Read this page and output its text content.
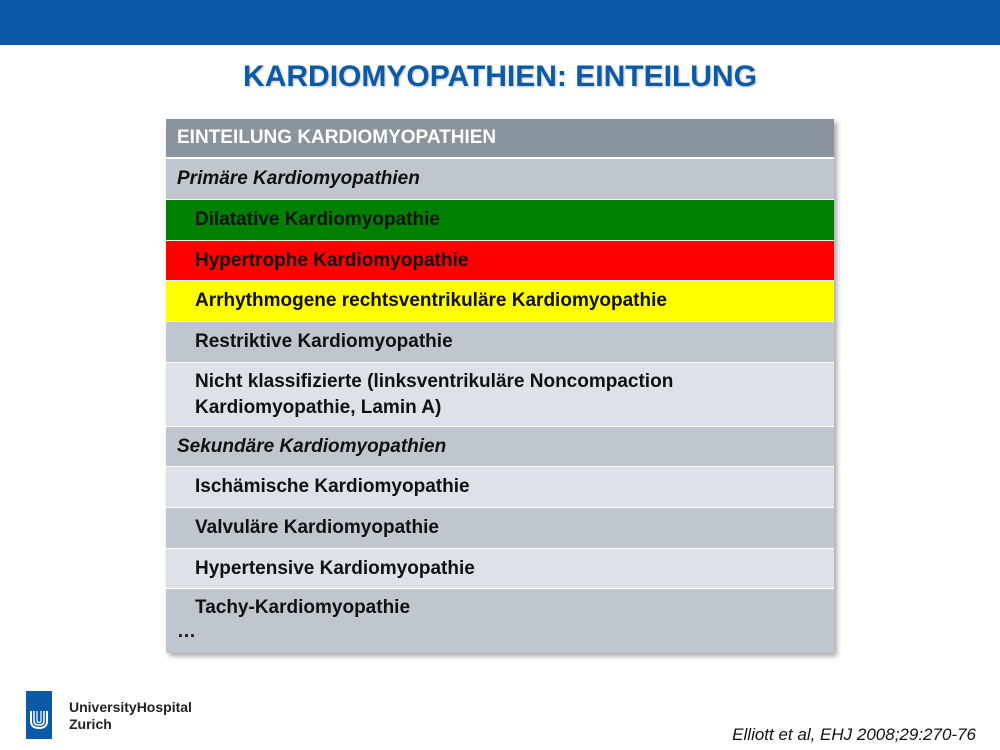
KARDIOMYOPATHIEN: EINTEILUNG
EINTEILUNG KARDIOMYOPATHIEN
Primäre Kardiomyopathien
Dilatative Kardiomyopathie
Hypertrophe Kardiomyopathie
Arrhythmogene rechtsventrikuläre Kardiomyopathie
Restriktive Kardiomyopathie
Nicht klassifizierte (linksventrikuläre Noncompaction Kardiomyopathie, Lamin A)
Sekundäre Kardiomyopathien
Ischämische Kardiomyopathie
Valvuläre Kardiomyopathie
Hypertensive Kardiomyopathie
Tachy-Kardiomyopathie
…
UniversityHospital
Zurich
Elliott et al, EHJ 2008;29:270-76
